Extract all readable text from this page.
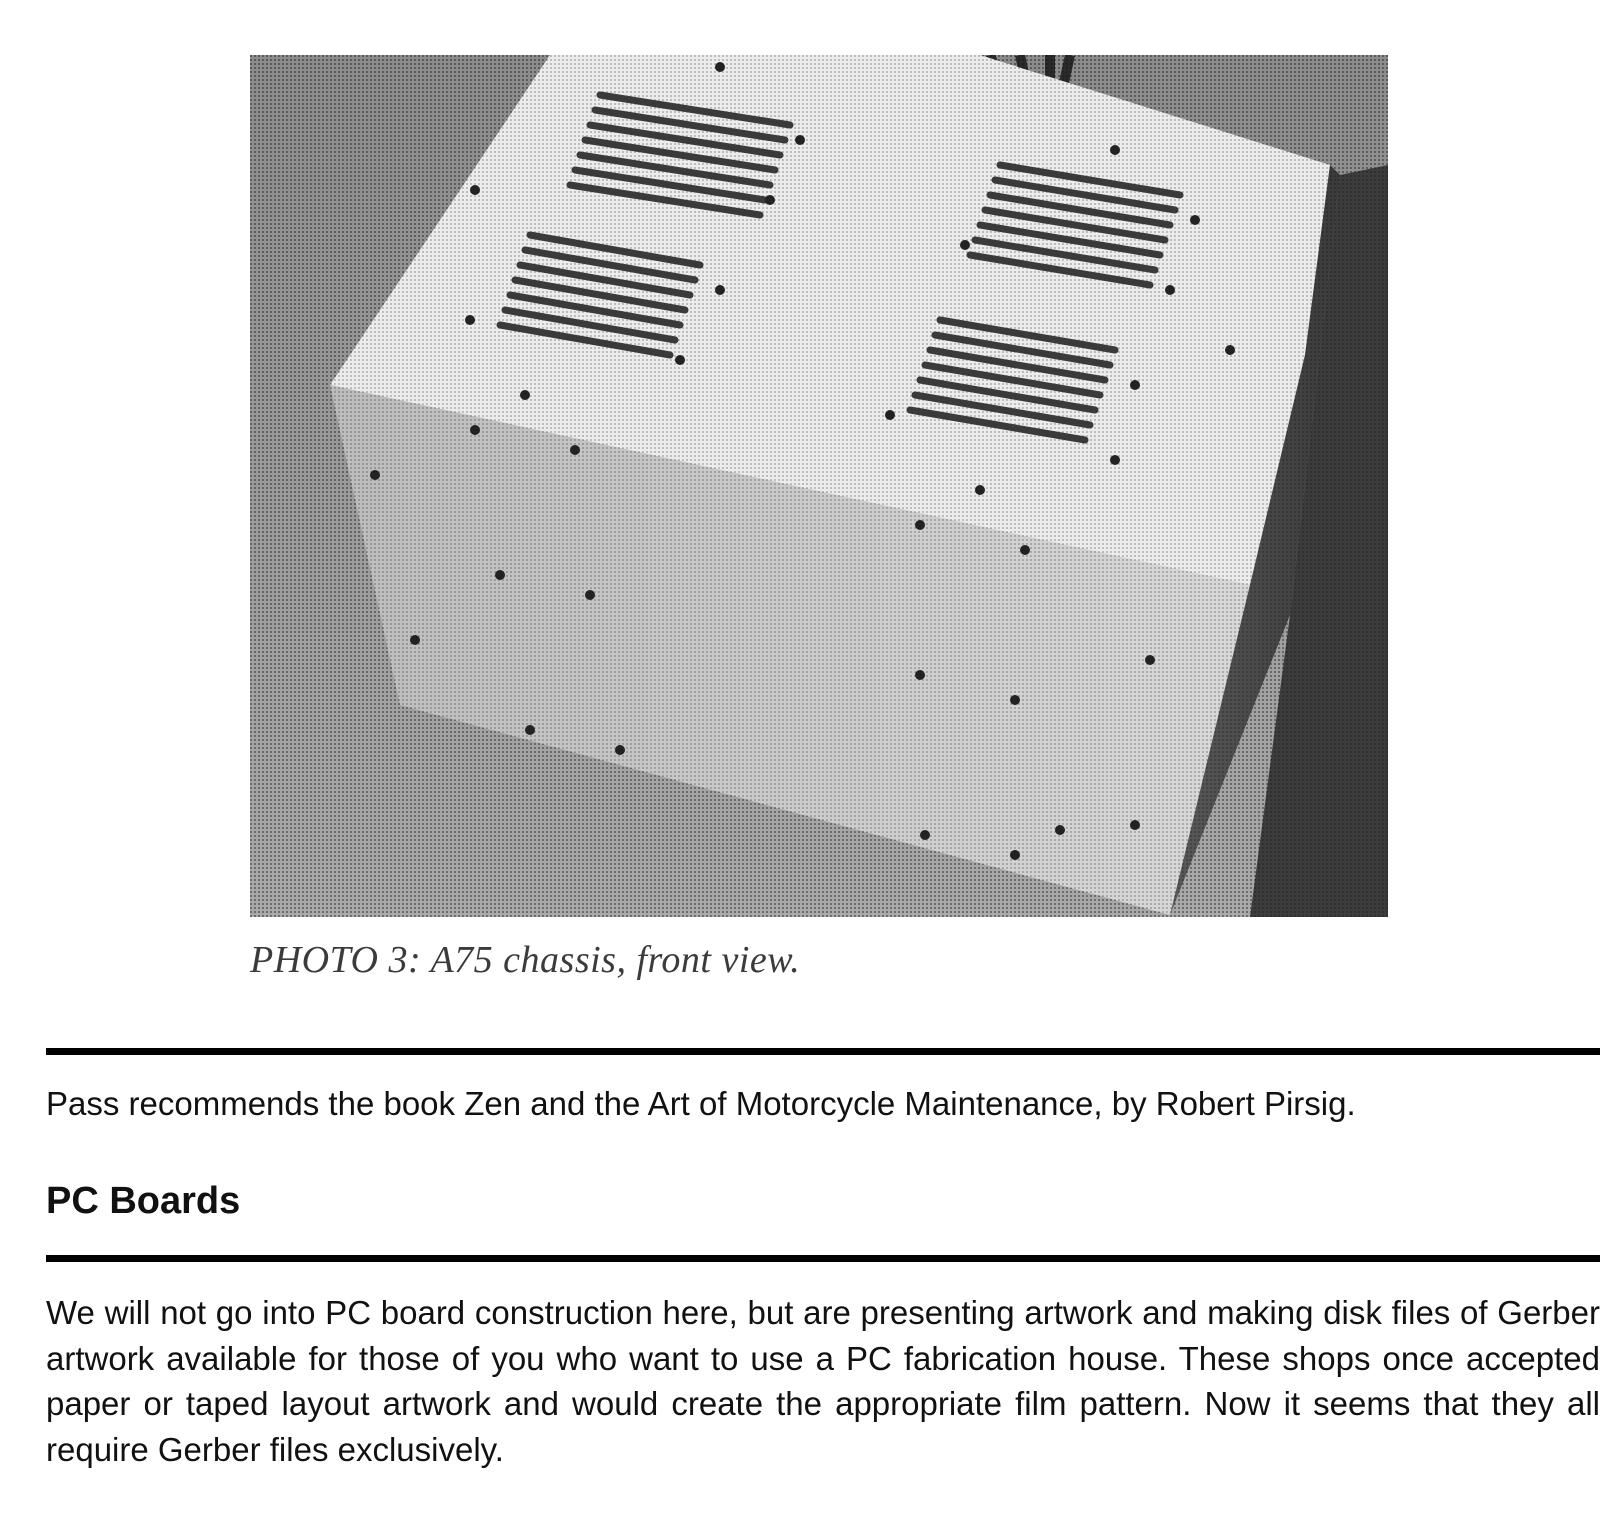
PHOTO 3: A75 chassis, front view.
Pass recommends the book Zen and the Art of Motorcycle Maintenance, by Robert Pirsig.
PC Boards

We will not go into PC board construction here, but are presenting artwork and making disk files of Gerber artwork available for those of you who want to use a PC fabrication house. These shops once accepted paper or taped layout artwork and would create the appropriate film pattern. Now it seems that they all require Gerber files exclusively.
